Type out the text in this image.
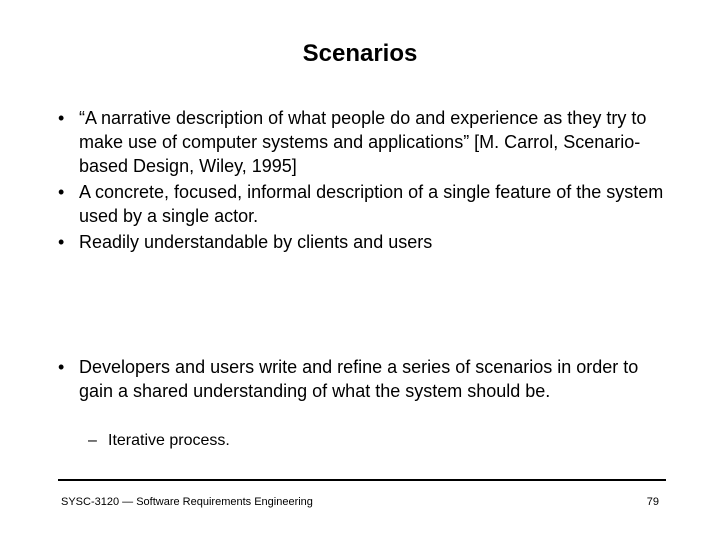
Scenarios
• “A narrative description of what people do and experience as they try to make use of computer systems and applications” [M. Carrol, Scenario-based Design, Wiley, 1995]
• A concrete, focused, informal description of a single feature of the system used by a single actor.
• Readily understandable by clients and users
• Developers and users write and refine a series of scenarios in order to gain a shared understanding of what the system should be.
– Iterative process.
SYSC-3120 — Software Requirements Engineering	79
